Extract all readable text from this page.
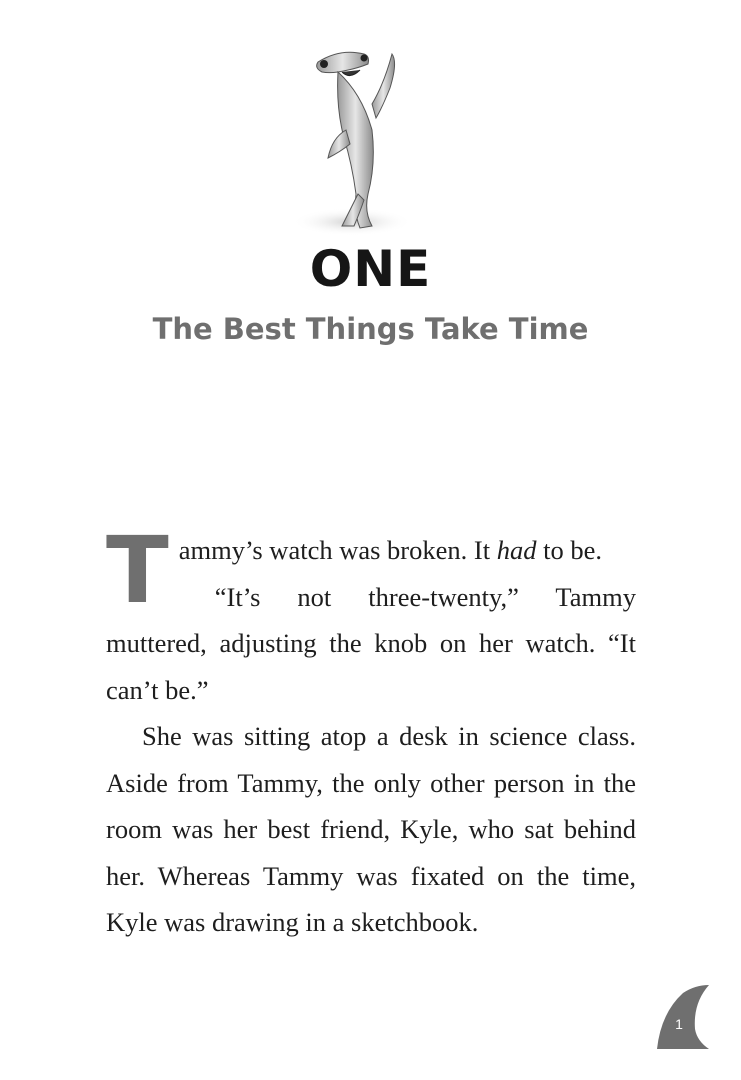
ONE
The Best Things Take Time

Tammy’s watch was broken. It had to be.

“It’s not three-twenty,” Tammy muttered, adjusting the knob on her watch. “It can’t be.”

She was sitting atop a desk in science class. Aside from Tammy, the only other person in the room was her best friend, Kyle, who sat behind her. Whereas Tammy was fixated on the time, Kyle was drawing in a sketchbook.

1
